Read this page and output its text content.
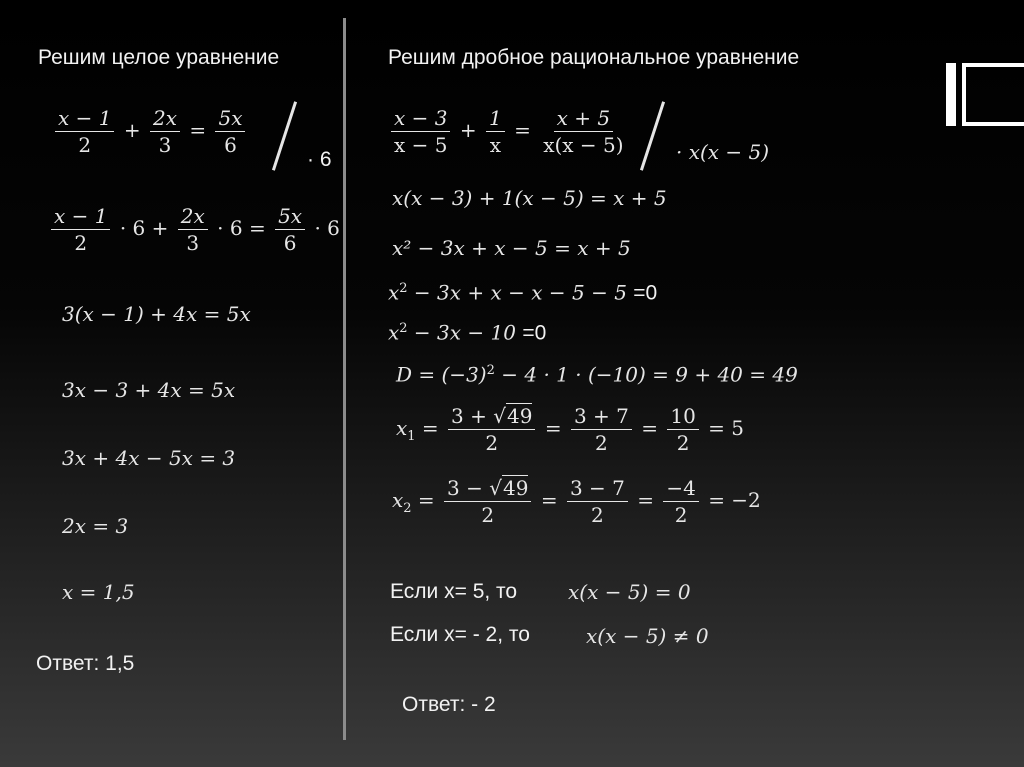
Решим целое уравнение
$\frac{x - 1}{2} + \frac{2x}{3} = \frac{5x}{6}$
· 6
$\frac{x - 1}{2} \cdot 6 + \frac{2x}{3} \cdot 6 = \frac{5x}{6} \cdot 6$
3(x − 1) + 4x = 5x
3x − 3 + 4x = 5x
3x + 4x − 5x = 3
2x = 3
x = 1,5
Ответ: 1,5
Решим дробное рациональное уравнение
$\frac{x - 3}{x - 5} + \frac{1}{x} = \frac{x + 5}{x(x - 5)} \cdot x(x - 5)$
x(x − 3) + 1(x − 5) = x + 5
x² − 3x + x − 5 = x + 5
$x^2 - 3x + x - x - 5 - 5 =0$
$x^2 - 3x - 10 =0$
$D = (-3)^2 - 4 \cdot 1 \cdot (-10) = 9 + 40 = 49$
$x_1 = \frac{3 + √49}{2} = \frac{3 + 7}{2} = \frac{10}{2} = 5$
$x_2 = \frac{3 - √49}{2} = \frac{3 - 7}{2} = \frac{-4}{2} = -2$
Если x= 5, то	x(x − 5) = 0
Если x= - 2, то	x(x − 5) ≠ 0
Ответ: - 2
